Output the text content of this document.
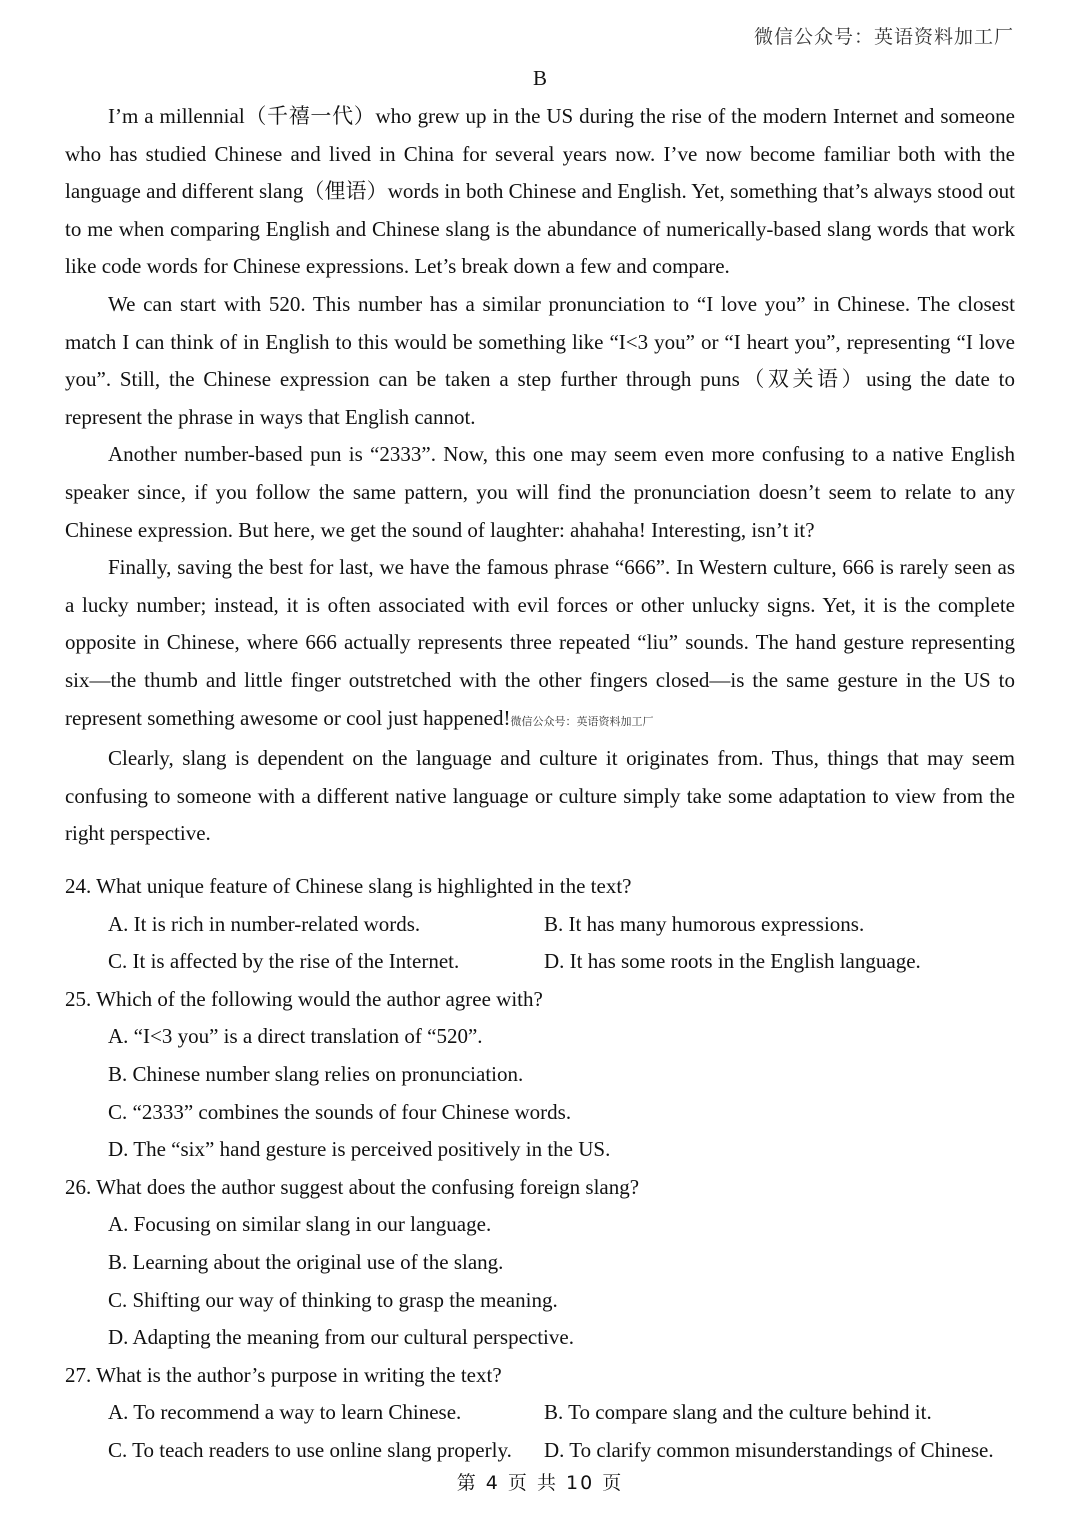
微信公众号：英语资料加工厂
B

I’m a millennial（千禧一代）who grew up in the US during the rise of the modern Internet and someone who has studied Chinese and lived in China for several years now. I’ve now become familiar both with the language and different slang（俚语）words in both Chinese and English. Yet, something that’s always stood out to me when comparing English and Chinese slang is the abundance of numerically-based slang words that work like code words for Chinese expressions. Let’s break down a few and compare.

We can start with 520. This number has a similar pronunciation to “I love you” in Chinese. The closest match I can think of in English to this would be something like “I<3 you” or “I heart you”, representing “I love you”. Still, the Chinese expression can be taken a step further through puns（双关语）using the date to represent the phrase in ways that English cannot.

Another number-based pun is “2333”. Now, this one may seem even more confusing to a native English speaker since, if you follow the same pattern, you will find the pronunciation doesn’t seem to relate to any Chinese expression. But here, we get the sound of laughter: ahahaha! Interesting, isn’t it?

Finally, saving the best for last, we have the famous phrase “666”. In Western culture, 666 is rarely seen as a lucky number; instead, it is often associated with evil forces or other unlucky signs. Yet, it is the complete opposite in Chinese, where 666 actually represents three repeated “liu” sounds. The hand gesture representing six—the thumb and little finger outstretched with the other fingers closed—is the same gesture in the US to represent something awesome or cool just happened!微信公众号：英语资料加工厂

Clearly, slang is dependent on the language and culture it originates from. Thus, things that may seem confusing to someone with a different native language or culture simply take some adaptation to view from the right perspective.

24. What unique feature of Chinese slang is highlighted in the text?

A. It is rich in number-related words.	B. It has many humorous expressions.
C. It is affected by the rise of the Internet.	D. It has some roots in the English language.

25. Which of the following would the author agree with?

A. “I<3 you” is a direct translation of “520”.

B. Chinese number slang relies on pronunciation.

C. “2333” combines the sounds of four Chinese words.

D. The “six” hand gesture is perceived positively in the US.

26. What does the author suggest about the confusing foreign slang?

A. Focusing on similar slang in our language.

B. Learning about the original use of the slang.

C. Shifting our way of thinking to grasp the meaning.

D. Adapting the meaning from our cultural perspective.

27. What is the author’s purpose in writing the text?

A. To recommend a way to learn Chinese.	B. To compare slang and the culture behind it.
C. To teach readers to use online slang properly.	D. To clarify common misunderstandings of Chinese.
第 4 页 共 10 页
